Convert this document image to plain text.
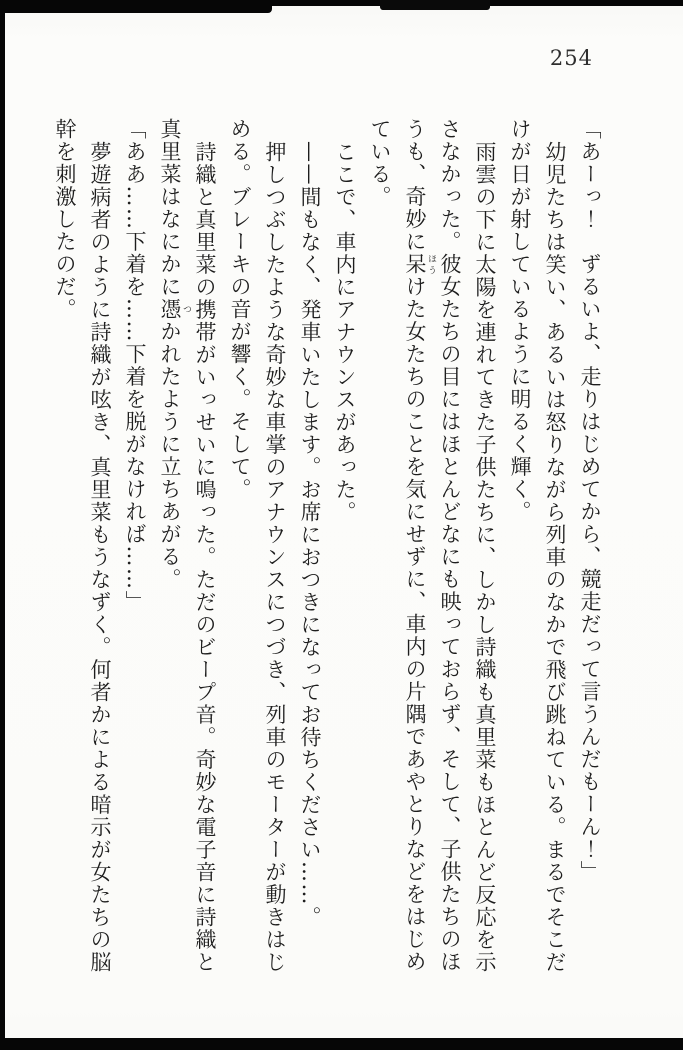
254

「あーっ！　ずるいよ、走りはじめてから、競走だって言うんだもーん！」

幼児たちは笑い、あるいは怒りながら列車のなかで飛び跳ねている。まるでそこだけが日が射しているように明るく輝く。

雨雲の下に太陽を連れてきた子供たちに、しかし詩織も真里菜もほとんど反応を示さなかった。彼女たちの目にはほとんどなにも映っておらず、そして、子供たちのほうも、奇妙に呆 ほうけた女たちのことを気にせずに、車内の片隅であやとりなどをはじめている。

ここで、車内にアナウンスがあった。

——間もなく、発車いたします。お席におつきになってお待ちください……。

押しつぶしたような奇妙な車掌のアナウンスにつづき、列車のモーターが動きはじめる。ブレーキの音が響く。そして。

詩織と真里菜の携帯がいっせいに鳴った。ただのビープ音。奇妙な電子音に詩織と真里菜はなにかに憑 つかれたように立ちあがる。

「ああ……下着を……下着を脱がなければ……」

夢遊病者のように詩織が呟き、真里菜もうなずく。何者かによる暗示が女たちの脳幹を刺激したのだ。
